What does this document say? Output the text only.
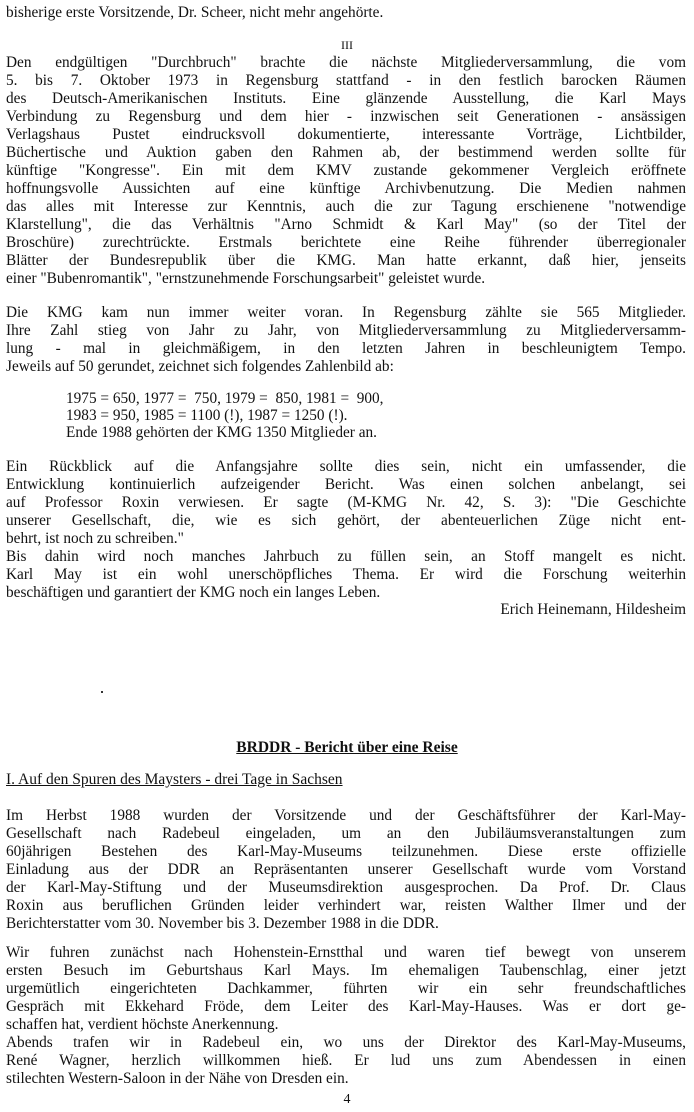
bisherige erste Vorsitzende, Dr. Scheer, nicht mehr angehörte.
III
Den endgültigen "Durchbruch" brachte die nächste Mitgliederversammlung, die vom
5. bis 7. Oktober 1973 in Regensburg stattfand - in den festlich barocken Räumen
des Deutsch-Amerikanischen Instituts. Eine glänzende Ausstellung, die Karl Mays
Verbindung zu Regensburg und dem hier - inzwischen seit Generationen - ansässigen
Verlagshaus Pustet eindrucksvoll dokumentierte, interessante Vorträge, Lichtbilder,
Büchertische und Auktion gaben den Rahmen ab, der bestimmend werden sollte für
künftige "Kongresse". Ein mit dem KMV zustande gekommener Vergleich eröffnete
hoffnungsvolle Aussichten auf eine künftige Archivbenutzung. Die Medien nahmen
das alles mit Interesse zur Kenntnis, auch die zur Tagung erschienene "notwendige
Klarstellung", die das Verhältnis "Arno Schmidt & Karl May" (so der Titel der
Broschüre) zurechtrückte. Erstmals berichtete eine Reihe führender überregionaler
Blätter der Bundesrepublik über die KMG. Man hatte erkannt, daß hier, jenseits
einer "Bubenromantik", "ernstzunehmende Forschungsarbeit" geleistet wurde.
Die KMG kam nun immer weiter voran. In Regensburg zählte sie 565 Mitglieder.
Ihre Zahl stieg von Jahr zu Jahr, von Mitgliederversammlung zu Mitgliederversamm-
lung - mal in gleichmäßigem, in den letzten Jahren in beschleunigtem Tempo.
Jeweils auf 50 gerundet, zeichnet sich folgendes Zahlenbild ab:
1975 = 650, 1977 =  750, 1979 =  850, 1981 =  900,
1983 = 950, 1985 = 1100 (!), 1987 = 1250 (!).
Ende 1988 gehörten der KMG 1350 Mitglieder an.
Ein Rückblick auf die Anfangsjahre sollte dies sein, nicht ein umfassender, die
Entwicklung kontinuierlich aufzeigender Bericht. Was einen solchen anbelangt, sei
auf Professor Roxin verwiesen. Er sagte (M-KMG Nr. 42, S. 3): "Die Geschichte
unserer Gesellschaft, die, wie es sich gehört, der abenteuerlichen Züge nicht ent-
behrt, ist noch zu schreiben."
Bis dahin wird noch manches Jahrbuch zu füllen sein, an Stoff mangelt es nicht.
Karl May ist ein wohl unerschöpfliches Thema. Er wird die Forschung weiterhin
beschäftigen und garantiert der KMG noch ein langes Leben.
Erich Heinemann, Hildesheim
BRDDR - Bericht über eine Reise
I. Auf den Spuren des Maysters - drei Tage in Sachsen
Im Herbst 1988 wurden der Vorsitzende und der Geschäftsführer der Karl-May-
Gesellschaft nach Radebeul eingeladen, um an den Jubiläumsveranstaltungen zum
60jährigen Bestehen des Karl-May-Museums teilzunehmen. Diese erste offizielle
Einladung aus der DDR an Repräsentanten unserer Gesellschaft wurde vom Vorstand
der Karl-May-Stiftung und der Museumsdirektion ausgesprochen. Da Prof. Dr. Claus
Roxin aus beruflichen Gründen leider verhindert war, reisten Walther Ilmer und der
Berichterstatter vom 30. November bis 3. Dezember 1988 in die DDR.
Wir fuhren zunächst nach Hohenstein-Ernstthal und waren tief bewegt von unserem
ersten Besuch im Geburtshaus Karl Mays. Im ehemaligen Taubenschlag, einer jetzt
urgemütlich eingerichteten Dachkammer, führten wir ein sehr freundschaftliches
Gespräch mit Ekkehard Fröde, dem Leiter des Karl-May-Hauses. Was er dort ge-
schaffen hat, verdient höchste Anerkennung.
Abends trafen wir in Radebeul ein, wo uns der Direktor des Karl-May-Museums,
René Wagner, herzlich willkommen hieß. Er lud uns zum Abendessen in einen
stilechten Western-Saloon in der Nähe von Dresden ein.
4
